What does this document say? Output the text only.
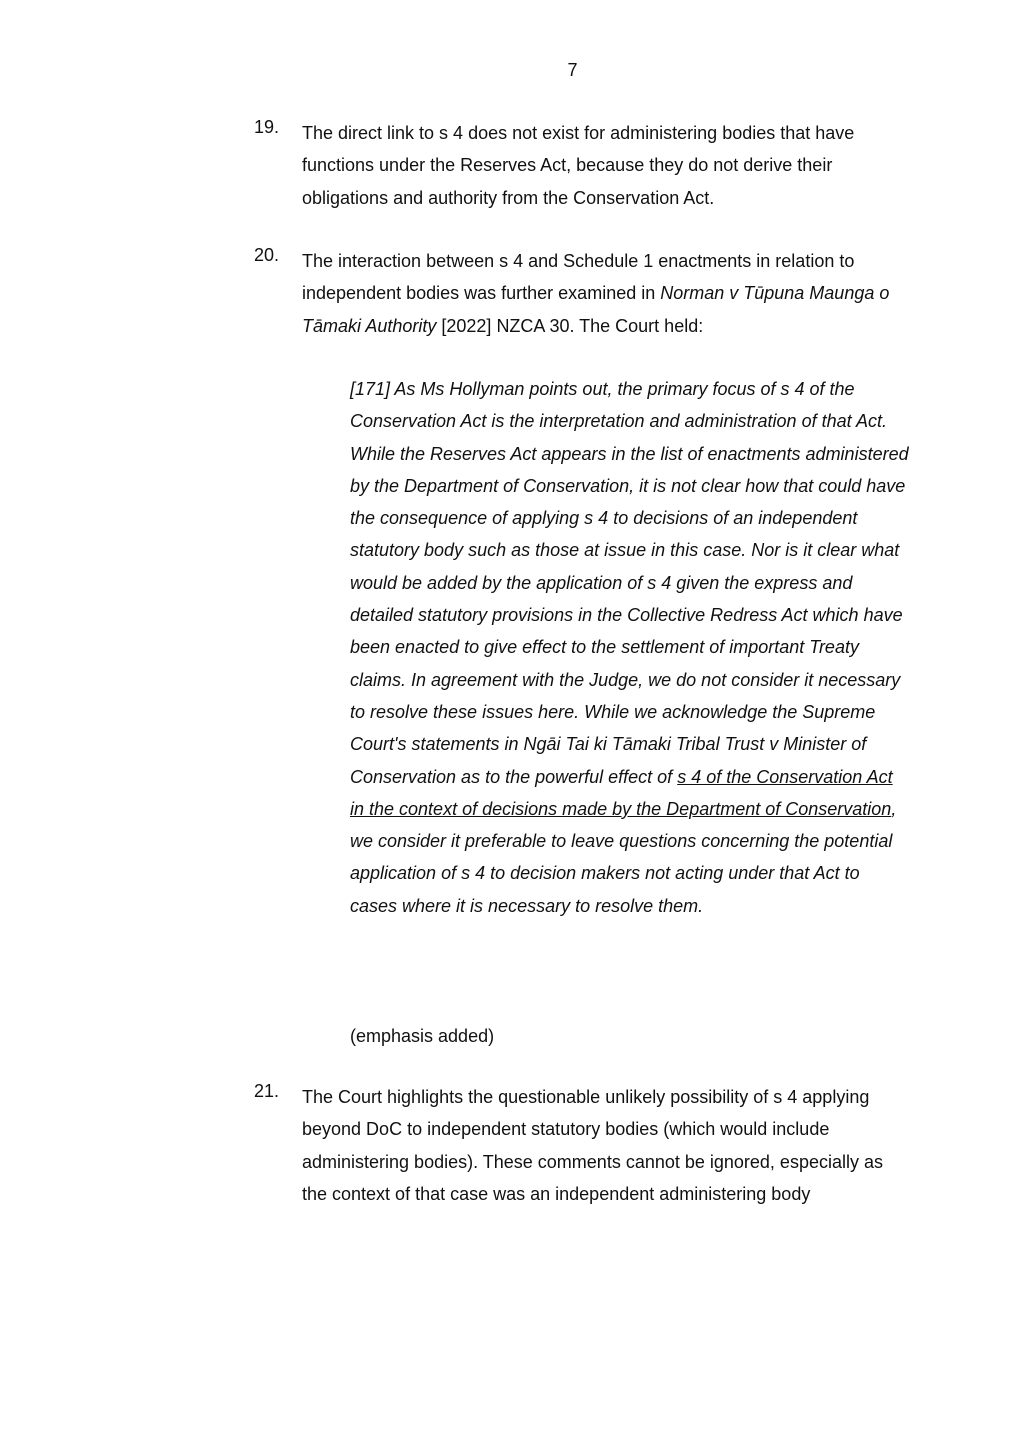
7
19. The direct link to s 4 does not exist for administering bodies that have functions under the Reserves Act, because they do not derive their obligations and authority from the Conservation Act.
20. The interaction between s 4 and Schedule 1 enactments in relation to independent bodies was further examined in Norman v Tūpuna Maunga o Tāmaki Authority [2022] NZCA 30. The Court held:
[171] As Ms Hollyman points out, the primary focus of s 4 of the Conservation Act is the interpretation and administration of that Act. While the Reserves Act appears in the list of enactments administered by the Department of Conservation, it is not clear how that could have the consequence of applying s 4 to decisions of an independent statutory body such as those at issue in this case. Nor is it clear what would be added by the application of s 4 given the express and detailed statutory provisions in the Collective Redress Act which have been enacted to give effect to the settlement of important Treaty claims. In agreement with the Judge, we do not consider it necessary to resolve these issues here. While we acknowledge the Supreme Court's statements in Ngāi Tai ki Tāmaki Tribal Trust v Minister of Conservation as to the powerful effect of s 4 of the Conservation Act in the context of decisions made by the Department of Conservation, we consider it preferable to leave questions concerning the potential application of s 4 to decision makers not acting under that Act to cases where it is necessary to resolve them.
(emphasis added)
21. The Court highlights the questionable unlikely possibility of s 4 applying beyond DoC to independent statutory bodies (which would include administering bodies). These comments cannot be ignored, especially as the context of that case was an independent administering body
